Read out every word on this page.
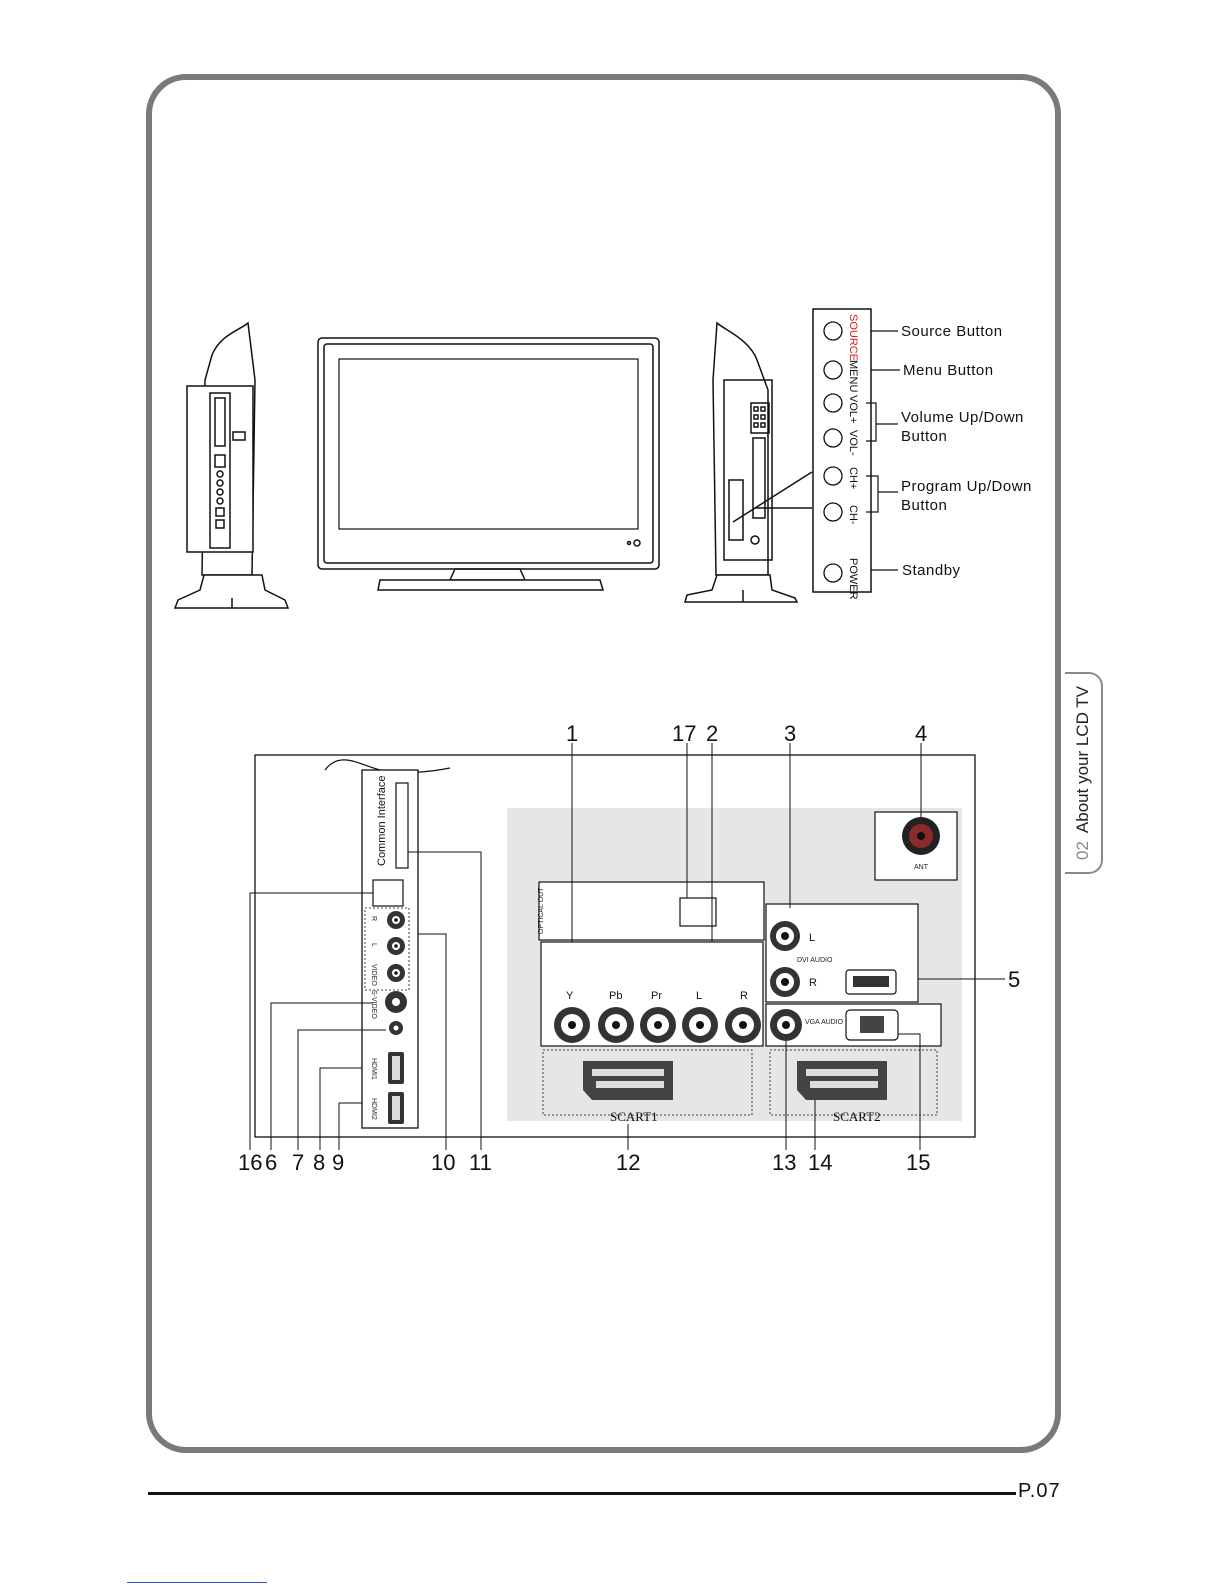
02About your LCD TV
SOURCE
MENU
VOL+
VOL-
CH+
CH-
POWER
Source Button
Menu Button
Volume Up/Down
Button
Program Up/Down
Button
Standby
Common Interface
R
L
VIDEO
S-VIDEO
HDMI1
HDMI2
ANT
OPTICAL OUT
L
DVI AUDIO
R
Y	Pb	Pr	L	R
VGA AUDIO
SCART1	SCART2
1	17 2	3	4
5
16 6 7 8 9	10 11	12	13 14	15
P.07
